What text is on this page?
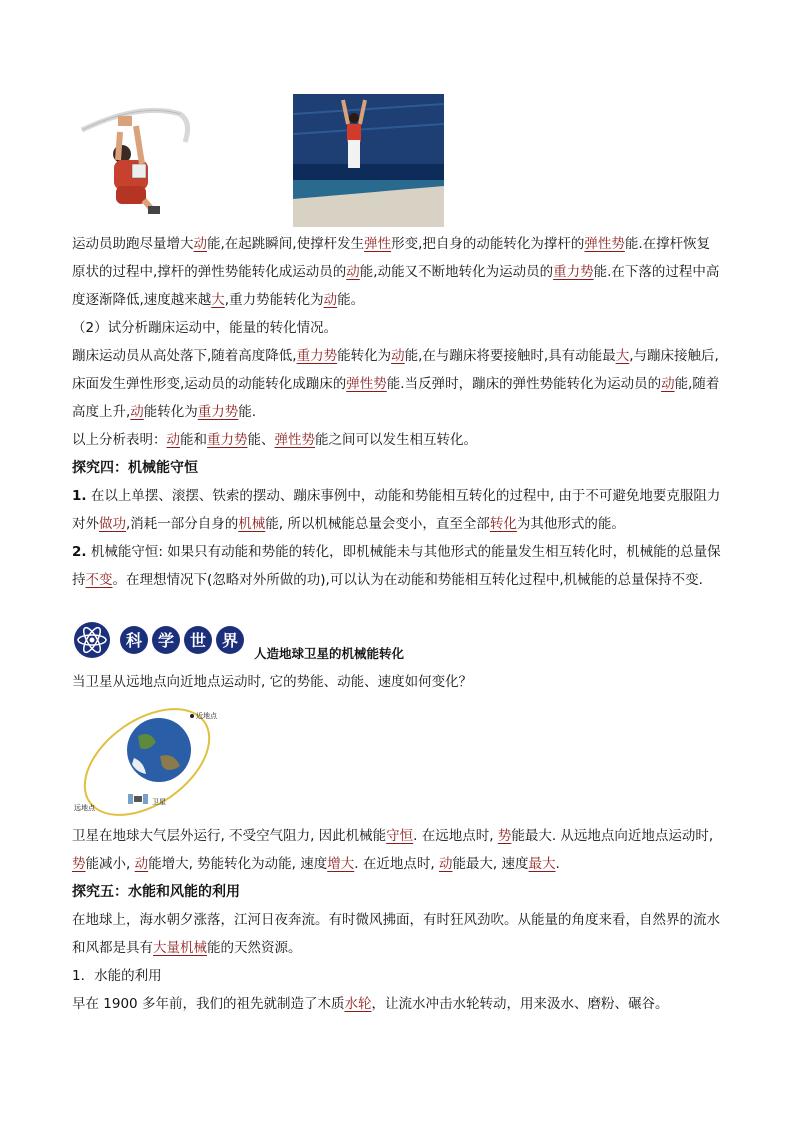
运动员助跑尽量增大动能,在起跳瞬间,使撑杆发生弹性形变,把自身的动能转化为撑杆的弹性势能.在撑杆恢复原状的过程中,撑杆的弹性势能转化成运动员的动能,动能又不断地转化为运动员的重力势能.在下落的过程中高度逐渐降低,速度越来越大,重力势能转化为动能。

（2）试分析蹦床运动中，能量的转化情况。

蹦床运动员从高处落下,随着高度降低,重力势能转化为动能,在与蹦床将要接触时,具有动能最大,与蹦床接触后,床面发生弹性形变,运动员的动能转化成蹦床的弹性势能.当反弹时，蹦床的弹性势能转化为运动员的动能,随着高度上升,动能转化为重力势能.

以上分析表明：动能和重力势能、弹性势能之间可以发生相互转化。

探究四：机械能守恒

1. 在以上单摆、滚摆、铁索的摆动、蹦床事例中，动能和势能相互转化的过程中, 由于不可避免地要克服阻力对外做功,消耗一部分自身的机械能, 所以机械能总量会变小，直至全部转化为其他形式的能。

2. 机械能守恒: 如果只有动能和势能的转化，即机械能未与其他形式的能量发生相互转化时，机械能的总量保持不变。在理想情况下(忽略对外所做的功),可以认为在动能和势能相互转化过程中,机械能的总量保持不变.

科 学 世 界
人造地球卫星的机械能转化

当卫星从远地点向近地点运动时, 它的势能、动能、速度如何变化？

近地点
远地点
卫星

卫星在地球大气层外运行, 不受空气阻力, 因此机械能守恒. 在远地点时, 势能最大. 从远地点向近地点运动时, 势能减小, 动能增大, 势能转化为动能, 速度增大. 在近地点时, 动能最大, 速度最大.

探究五：水能和风能的利用

在地球上，海水朝夕涨落，江河日夜奔流。有时微风拂面，有时狂风劲吹。从能量的角度来看，自然界的流水和风都是具有大量机械能的天然资源。

1．水能的利用

早在 1900 多年前，我们的祖先就制造了木质水轮，让流水冲击水轮转动，用来汲水、磨粉、碾谷。
